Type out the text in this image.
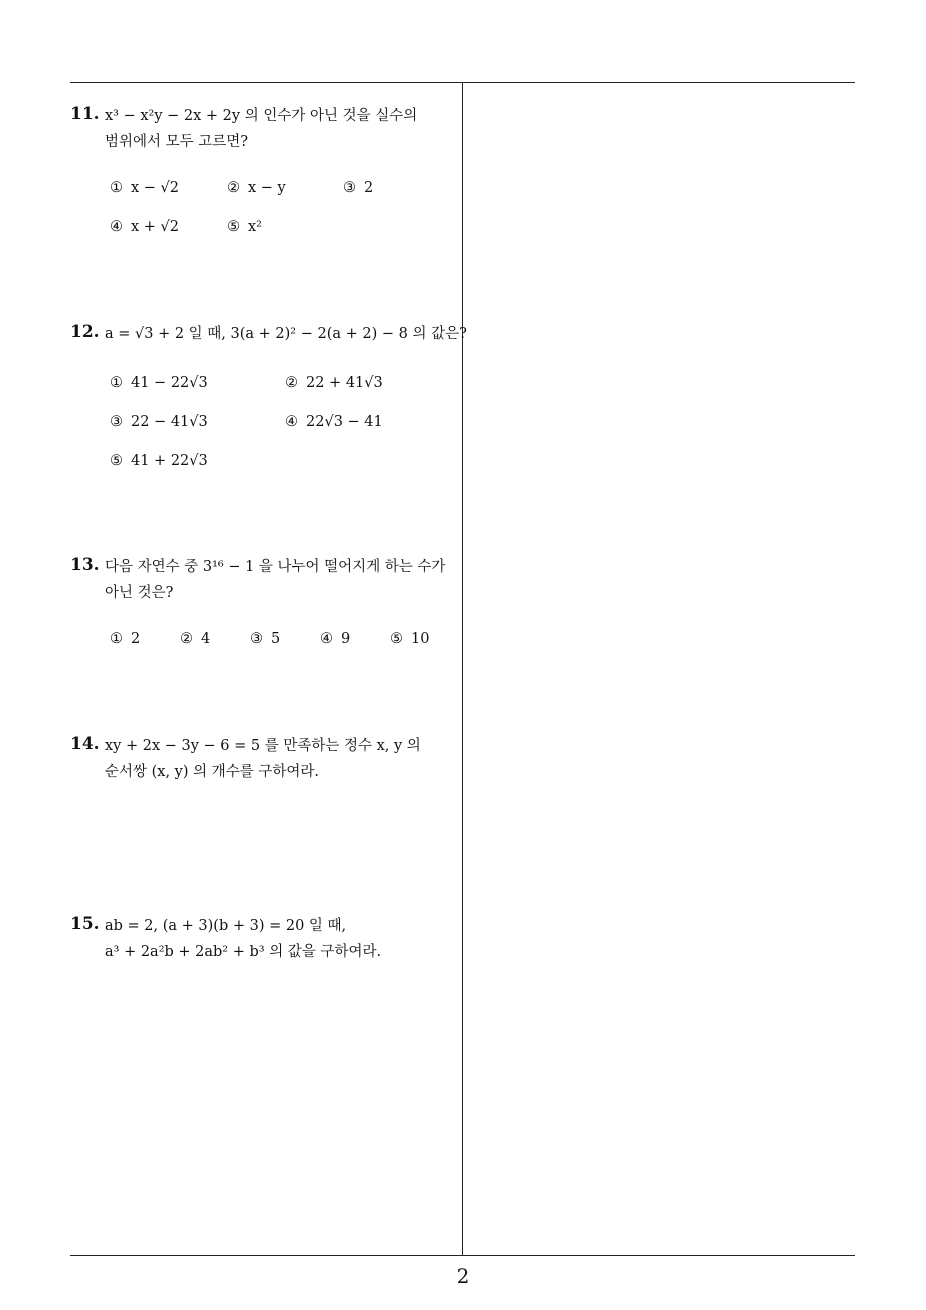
11. x³ − x²y − 2x + 2y 의 인수가 아닌 것을 실수의
범위에서 모두 고르면?
① x − √2	② x − y	③ 2
④ x + √2	⑤ x²
12. a = √3 + 2 일 때, 3(a + 2)² − 2(a + 2) − 8 의 값은?
① 41 − 22√3	② 22 + 41√3
③ 22 − 41√3	④ 22√3 − 41
⑤ 41 + 22√3
13. 다음 자연수 중 3¹⁶ − 1 을 나누어 떨어지게 하는 수가
아닌 것은?
① 2	② 4	③ 5	④ 9	⑤ 10
14. xy + 2x − 3y − 6 = 5 를 만족하는 정수 x, y 의
순서쌍 (x, y) 의 개수를 구하여라.
15. ab = 2, (a + 3)(b + 3) = 20 일 때,
a³ + 2a²b + 2ab² + b³ 의 값을 구하여라.
2
